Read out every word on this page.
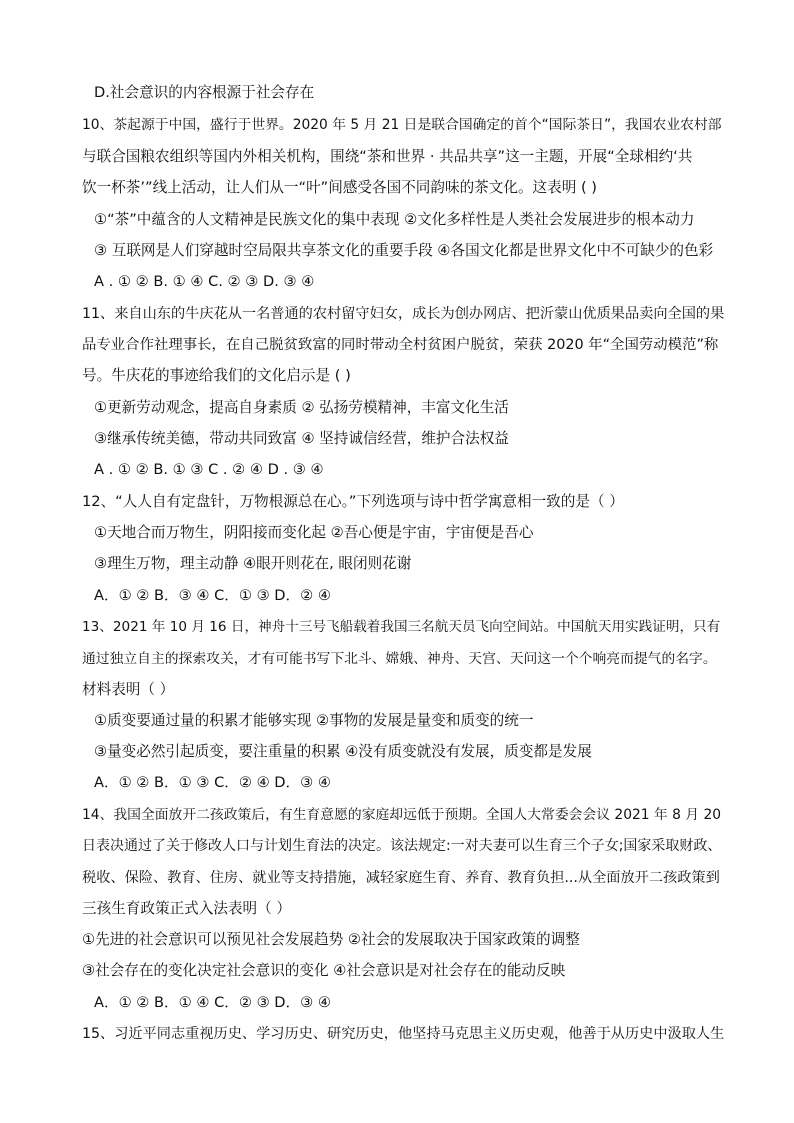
D.社会意识的内容根源于社会存在
10、茶起源于中国，盛行于世界。2020 年 5 月 21 日是联合国确定的首个“国际茶日”，我国农业农村部
与联合国粮农组织等国内外相关机构，围绕“茶和世界 · 共品共享”这一主题，开展“全球相约‘共
饮一杯茶’”线上活动，让人们从一“叶”间感受各国不同韵味的茶文化。这表明 ( )
①“茶”中蕴含的人文精神是民族文化的集中表现 ②文化多样性是人类社会发展进步的根本动力
③ 互联网是人们穿越时空局限共享茶文化的重要手段 ④各国文化都是世界文化中不可缺少的色彩
A . ① ② B. ① ④ C. ② ③ D. ③ ④
11、来自山东的牛庆花从一名普通的农村留守妇女，成长为创办网店、把沂蒙山优质果品卖向全国的果
品专业合作社理事长，在自己脱贫致富的同时带动全村贫困户脱贫，荣获 2020 年“全国劳动模范”称
号。牛庆花的事迹给我们的文化启示是 ( )
①更新劳动观念，提高自身素质 ② 弘扬劳模精神，丰富文化生活
③继承传统美德，带动共同致富 ④ 坚持诚信经营，维护合法权益
A . ① ② B. ① ③ C . ② ④ D . ③ ④
12、“人人自有定盘针，万物根源总在心。”下列选项与诗中哲学寓意相一致的是（ ）
①天地合而万物生，阴阳接而变化起 ②吾心便是宇宙，宇宙便是吾心
③理生万物，理主动静 ④眼开则花在, 眼闭则花谢
A．① ② B．③ ④ C．① ③ D．② ④
13、2021 年 10 月 16 日，神舟十三号飞船载着我国三名航天员飞向空间站。中国航天用实践证明，只有
通过独立自主的探索攻关，才有可能书写下北斗、嫦娥、神舟、天宫、天问这一个个响亮而提气的名字。
材料表明（ ）
①质变要通过量的积累才能够实现 ②事物的发展是量变和质变的统一
③量变必然引起质变，要注重量的积累 ④没有质变就没有发展，质变都是发展
A．① ② B．① ③ C．② ④ D．③ ④
14、我国全面放开二孩政策后，有生育意愿的家庭却远低于预期。全国人大常委会会议 2021 年 8 月 20
日表决通过了关于修改人口与计划生育法的决定。该法规定:一对夫妻可以生育三个子女;国家采取财政、
税收、保险、教育、住房、就业等支持措施，减轻家庭生育、养育、教育负担...从全面放开二孩政策到
三孩生育政策正式入法表明（ ）
①先进的社会意识可以预见社会发展趋势 ②社会的发展取决于国家政策的调整
③社会存在的变化决定社会意识的变化 ④社会意识是对社会存在的能动反映
A．① ② B．① ④ C．② ③ D．③ ④
15、习近平同志重视历史、学习历史、研究历史，他坚持马克思主义历史观，他善于从历史中汲取人生
